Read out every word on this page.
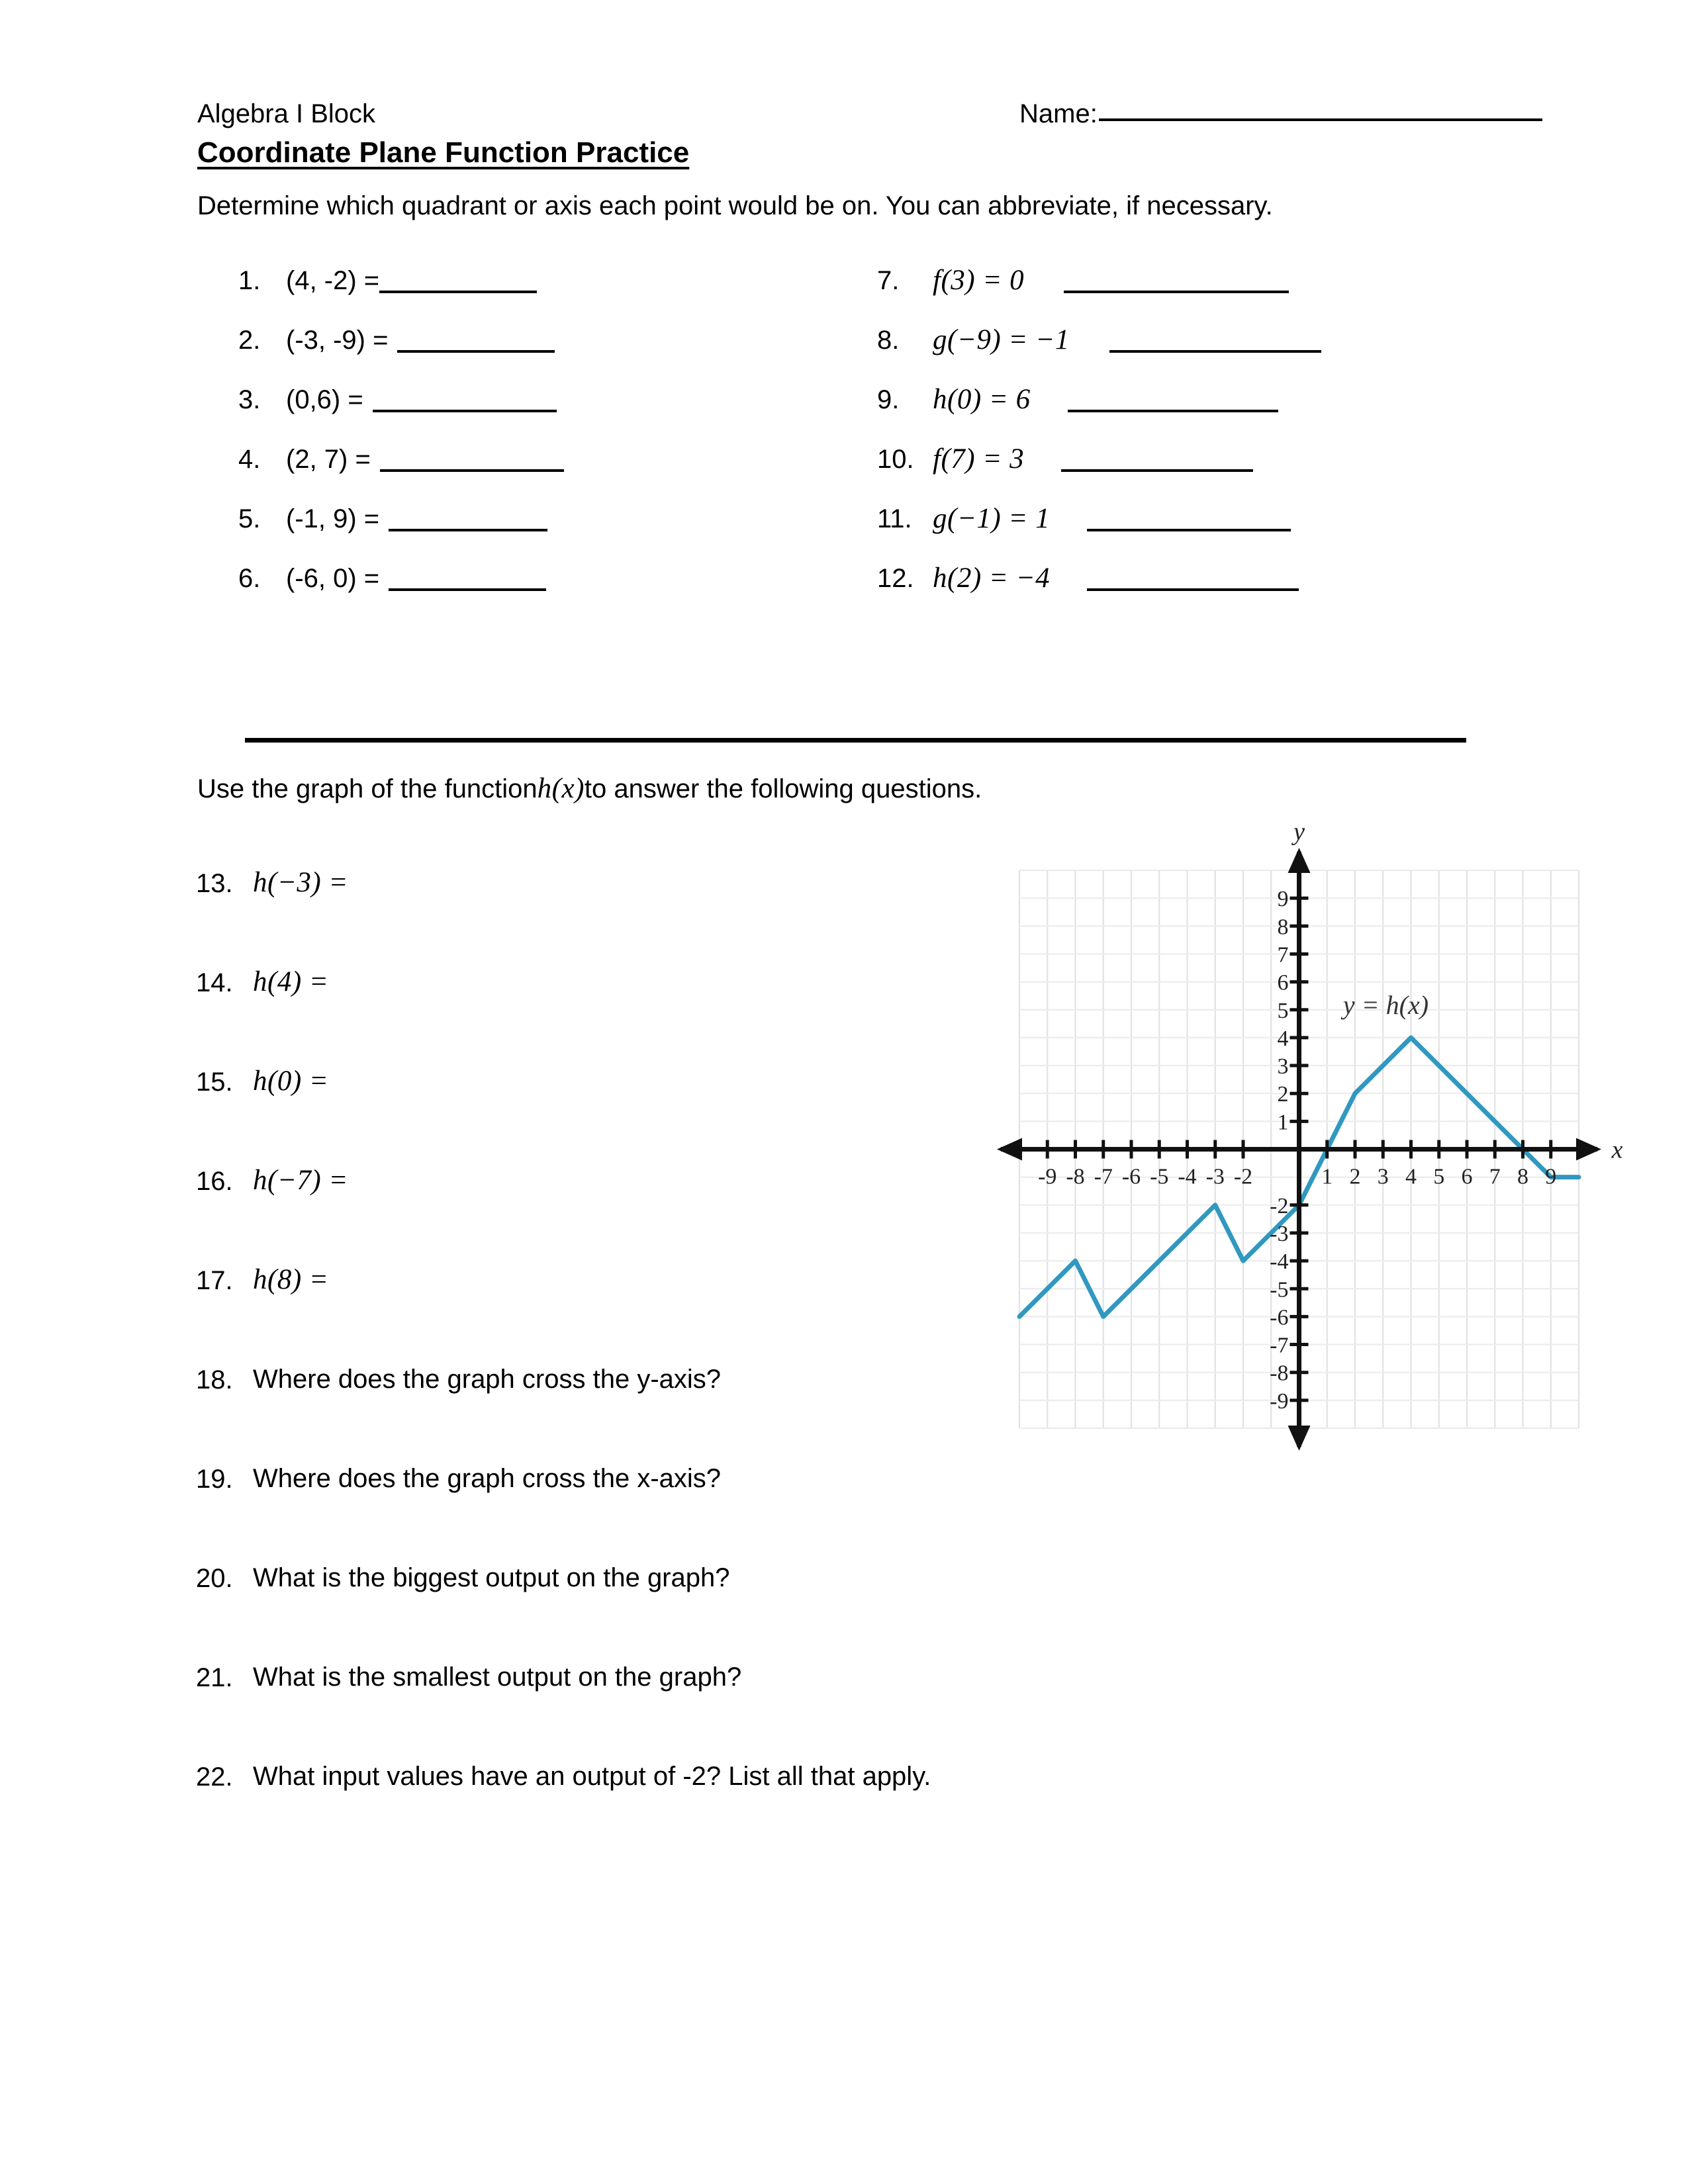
Algebra I Block	Name:
Coordinate Plane Function Practice
Determine which quadrant or axis each point would be on. You can abbreviate, if necessary.
1. (4, -2) =
2. (-3, -9) =
3. (0,6) =
4. (2, 7) =
5. (-1, 9) =
6. (-6, 0) =
7.	f(3) = 0
8.	g(−9) = −1
9.	h(0) = 6
10. f(7) = 3
11. g(−1) = 1
12. h(2) = −4
Use the graph of the function h(x) to answer the following questions.
13. h(−3) =
14. h(4) =
15. h(0) =
16. h(−7) =
17. h(8) =
18. Where does the graph cross the y-axis?
19. Where does the graph cross the x-axis?
20. What is the biggest output on the graph?
21. What is the smallest output on the graph?
22. What input values have an output of -2? List all that apply.
-9 -8 -7 -6 -5 -4 -3 -2	1 2 3 4 5 6 7 8 9
-9
-8
-7
-6
-5
-4
-3
-2
1
2
3
4
5
6
7
8
9
y
x
y = h(x)
